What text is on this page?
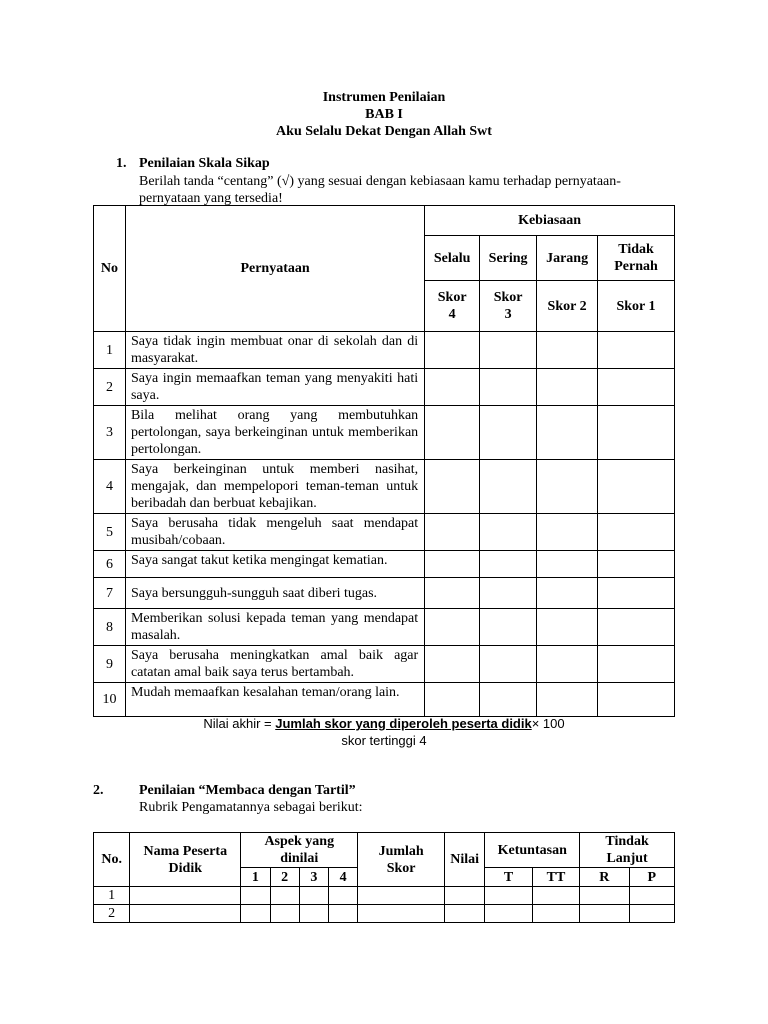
Instrumen Penilaian
BAB I
Aku Selalu Dekat Dengan Allah Swt
1. Penilaian Skala Sikap
Berilah tanda “centang” (√) yang sesuai dengan kebiasaan kamu terhadap pernyataan-
pernyataan yang tersedia!
No	Pernyataan	Kebiasaan			
		Selalu	Sering	Jarang	Tidak Pernah
		Skor 4	Skor 3	Skor 2	Skor 1
1	Saya tidak ingin membuat onar di sekolah dan di masyarakat.				
2	Saya ingin memaafkan teman yang menyakiti hati saya.				
3	Bila melihat orang yang membutuhkan pertolongan, saya berkeinginan untuk memberikan pertolongan.				
4	Saya berkeinginan untuk memberi nasihat, mengajak, dan mempelopori teman-teman untuk beribadah dan berbuat kebajikan.				
5	Saya berusaha tidak mengeluh saat mendapat musibah/cobaan.				
6	Saya sangat takut ketika mengingat kematian.				
7	Saya bersungguh-sungguh saat diberi tugas.				
8	Memberikan solusi kepada teman yang mendapat masalah.				
9	Saya berusaha meningkatkan amal baik agar catatan amal baik saya terus bertambah.				
10	Mudah memaafkan kesalahan teman/orang lain.				
Nilai akhir = Jumlah skor yang diperoleh peserta didik× 100
skor tertinggi 4
2.	Penilaian “Membaca dengan Tartil”
Rubrik Pengamatannya sebagai berikut:
No.	Nama Peserta Didik	Aspek yang dinilai				Jumlah Skor	Nilai	Ketuntasan		Tindak Lanjut	
		1	2	3	4			T	TT	R	P
1											
2											
